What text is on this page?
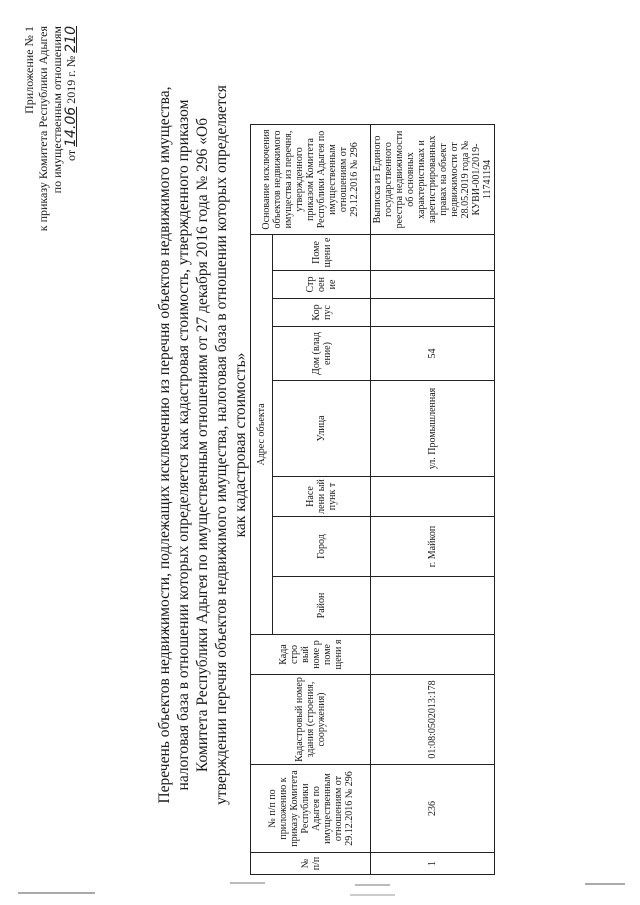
Приложение № 1 к приказу Комитета Республики Адыгея по имущественным отношениям от 14.06 2019 г. № 210
Перечень объектов недвижимости, подлежащих исключению из перечня объектов недвижимого имущества, налоговая база в отношении которых определяется как кадастровая стоимость, утвержденного приказом Комитета Республики Адыгея по имущественным отношениям от 27 декабря 2016 года № 296 «Об утверждении перечня объектов недвижимого имущества, налоговая база в отношении которых определяется как кадастровая стоимость»
№ п/п	№ п/п по приложению к приказу Комитета Республики Адыгея по имущественным отношениям от 29.12.2016 № 296	Кадастровый номер здания (строения, сооружения)	Када стро вый номе р поме щени я	Адрес объекта								Основание исключения объектов недвижимого имущества из перечня, утвержденного приказом Комитета Республики Адыгея по имущественным отношениям от 29.12.2016 № 296
				Район	Город	Насе лени ый пунк т	Улица	Дом (влад ение)	Кор пус	Стр оен ие	Поме щени е	
1	236	01:08:0502013:178			г. Майкоп		ул. Промышленная	54				Выписка из Единого государственного реестра недвижимости об основных характеристиках и зарегистрированных правах на объект недвижимости от 28.05.2019 года № КУВИ-001/2019-11741194
